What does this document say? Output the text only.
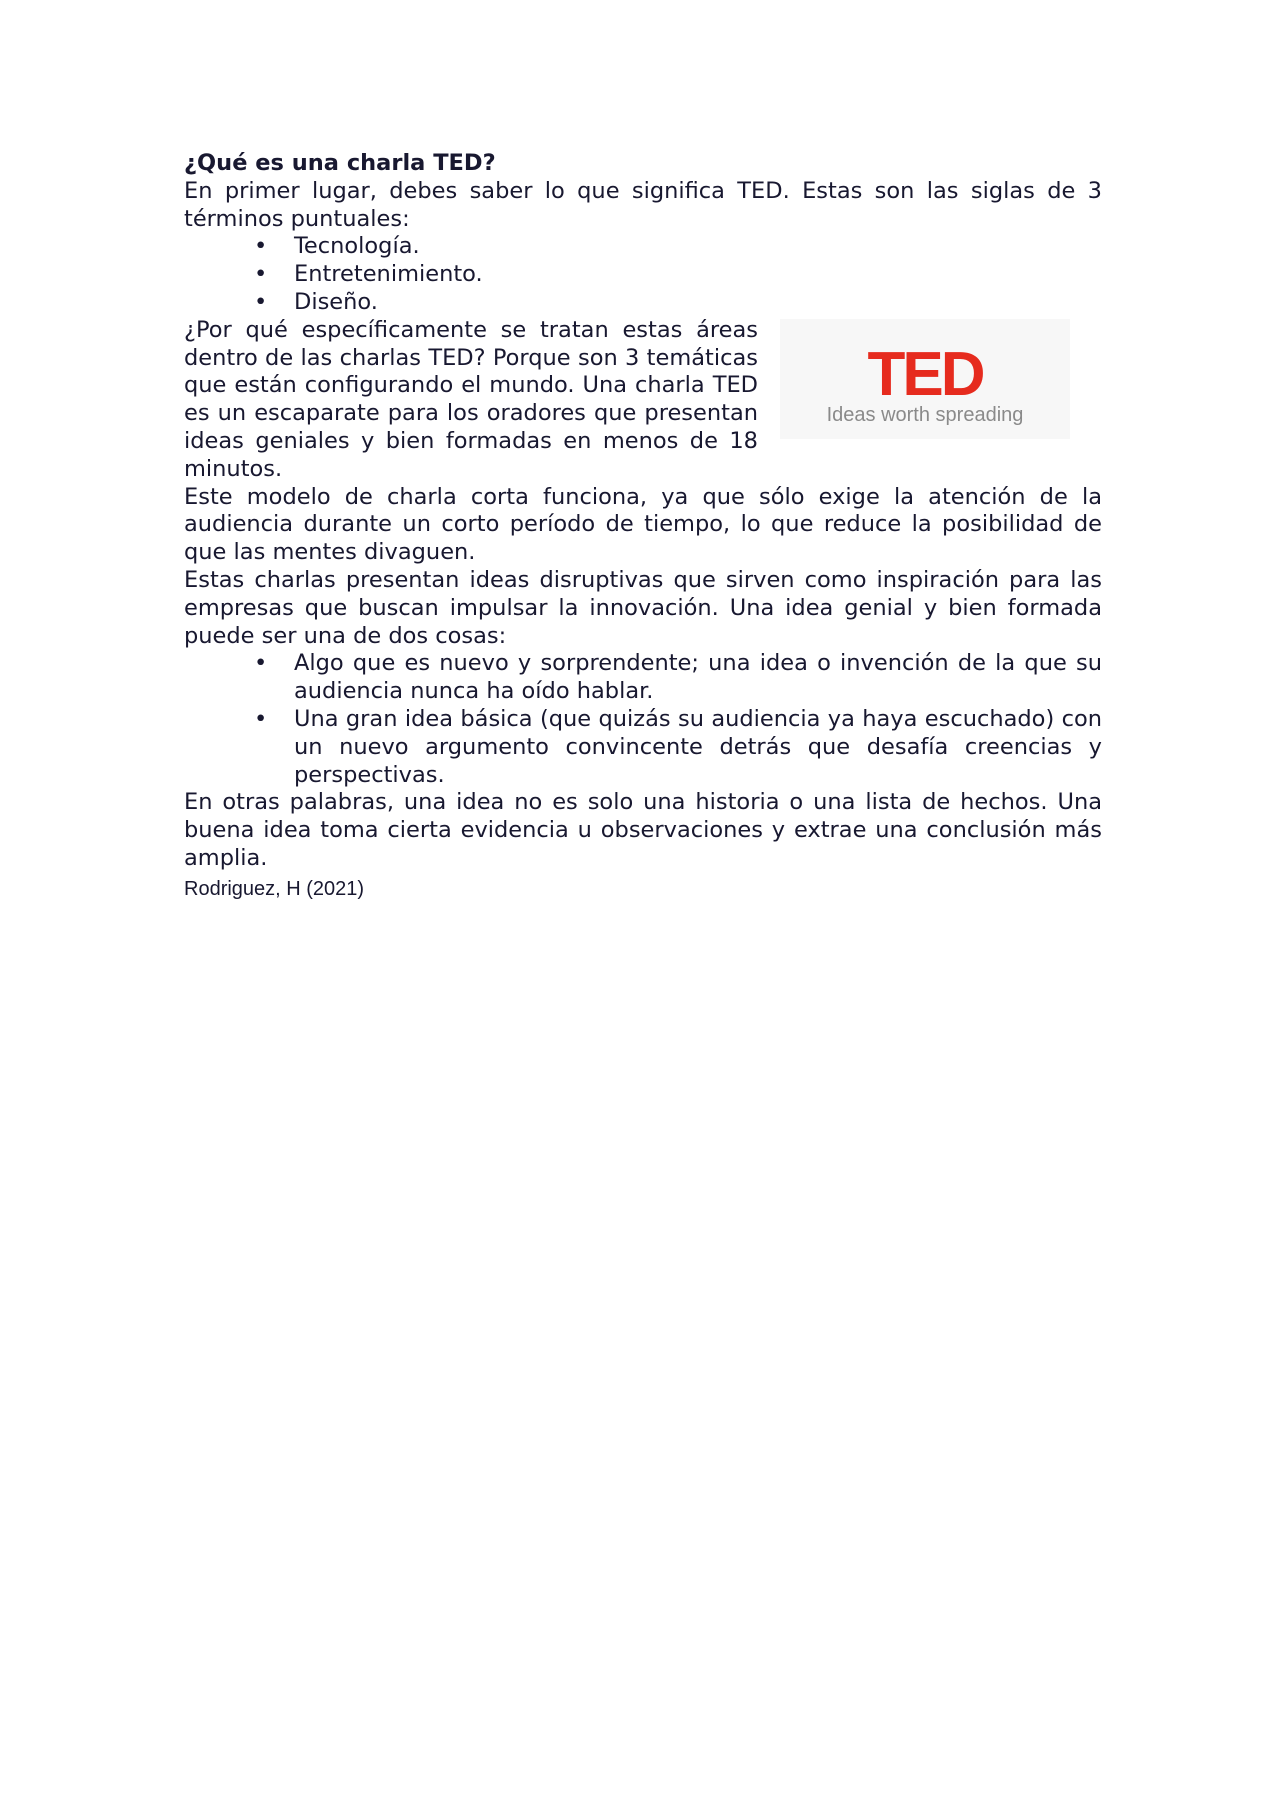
¿Qué es una charla TED?

En primer lugar, debes saber lo que significa TED. Estas son las siglas de 3 términos puntuales:

• Tecnología.
• Entretenimiento.
• Diseño.
TED
Ideas worth spreading

¿Por qué específicamente se tratan estas áreas dentro de las charlas TED? Porque son 3 temáticas que están configurando el mundo. Una charla TED es un escaparate para los oradores que presentan ideas geniales y bien formadas en menos de 18 minutos.

Este modelo de charla corta funciona, ya que sólo exige la atención de la audiencia durante un corto período de tiempo, lo que reduce la posibilidad de que las mentes divaguen.

Estas charlas presentan ideas disruptivas que sirven como inspiración para las empresas que buscan impulsar la innovación. Una idea genial y bien formada puede ser una de dos cosas:

• Algo que es nuevo y sorprendente; una idea o invención de la que su audiencia nunca ha oído hablar.
• Una gran idea básica (que quizás su audiencia ya haya escuchado) con un nuevo argumento convincente detrás que desafía creencias y perspectivas.

En otras palabras, una idea no es solo una historia o una lista de hechos. Una buena idea toma cierta evidencia u observaciones y extrae una conclusión más amplia.

Rodriguez, H (2021)
